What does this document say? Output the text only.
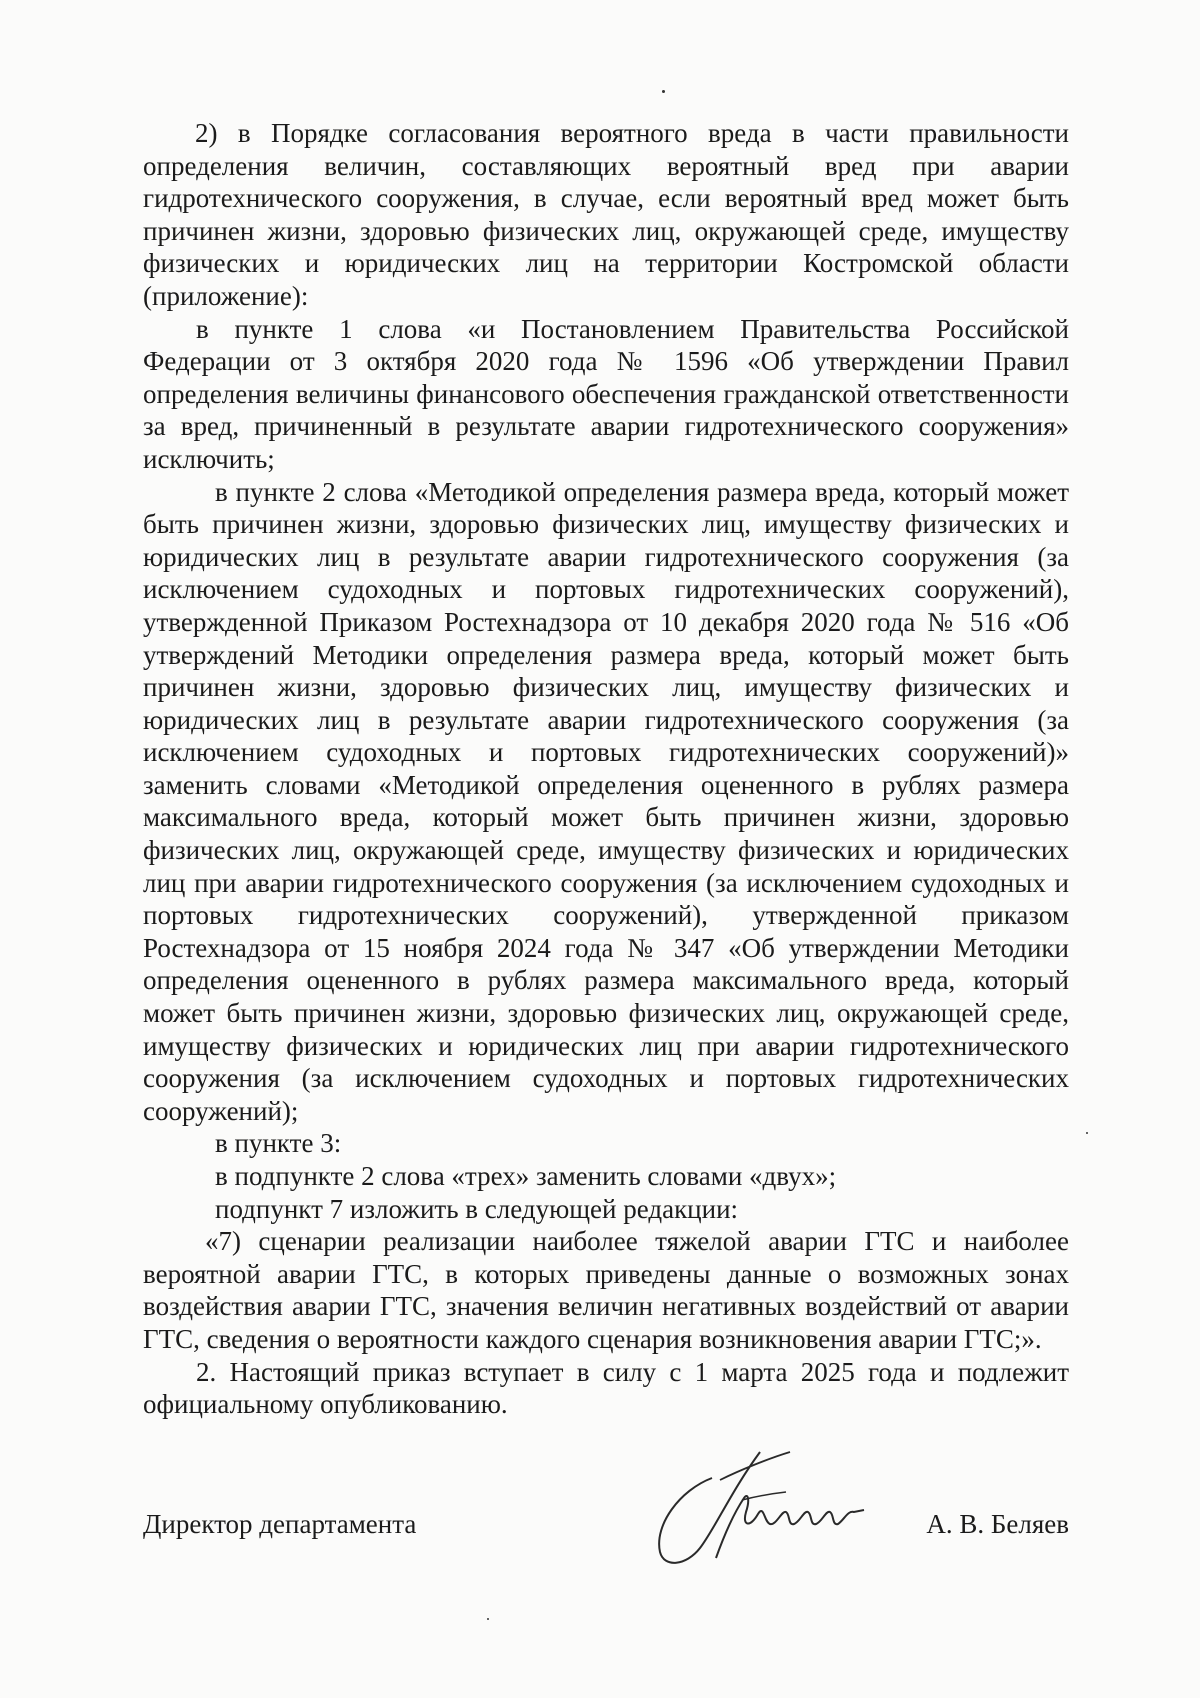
2) в Порядке согласования вероятного вреда в части правильности определения величин, составляющих вероятный вред при аварии гидротехнического сооружения, в случае, если вероятный вред может быть причинен жизни, здоровью физических лиц, окружающей среде, имуществу физических и юридических лиц на территории Костромской области (приложение):

в пункте 1 слова «и Постановлением Правительства Российской Федерации от 3 октября 2020 года № 1596 «Об утверждении Правил определения величины финансового обеспечения гражданской ответственности за вред, причиненный в результате аварии гидротехнического сооружения» исключить;

в пункте 2 слова «Методикой определения размера вреда, который может быть причинен жизни, здоровью физических лиц, имуществу физических и юридических лиц в результате аварии гидротехнического сооружения (за исключением судоходных и портовых гидротехнических сооружений), утвержденной Приказом Ростехнадзора от 10 декабря 2020 года № 516 «Об утверждений Методики определения размера вреда, который может быть причинен жизни, здоровью физических лиц, имуществу физических и юридических лиц в результате аварии гидротехнического сооружения (за исключением судоходных и портовых гидротехнических сооружений)» заменить словами «Методикой определения оцененного в рублях размера максимального вреда, который может быть причинен жизни, здоровью физических лиц, окружающей среде, имуществу физических и юридических лиц при аварии гидротехнического сооружения (за исключением судоходных и портовых гидротехнических сооружений), утвержденной приказом Ростехнадзора от 15 ноября 2024 года № 347 «Об утверждении Методики определения оцененного в рублях размера максимального вреда, который может быть причинен жизни, здоровью физических лиц, окружающей среде, имуществу физических и юридических лиц при аварии гидротехнического сооружения (за исключением судоходных и портовых гидротехнических сооружений);

в пункте 3:

в подпункте 2 слова «трех» заменить словами «двух»;

подпункт 7 изложить в следующей редакции:

«7) сценарии реализации наиболее тяжелой аварии ГТС и наиболее вероятной аварии ГТС, в которых приведены данные о возможных зонах воздействия аварии ГТС, значения величин негативных воздействий от аварии ГТС, сведения о вероятности каждого сценария возникновения аварии ГТС;».

2. Настоящий приказ вступает в силу с 1 марта 2025 года и подлежит официальному опубликованию.

Директор департамента	А. В. Беляев
